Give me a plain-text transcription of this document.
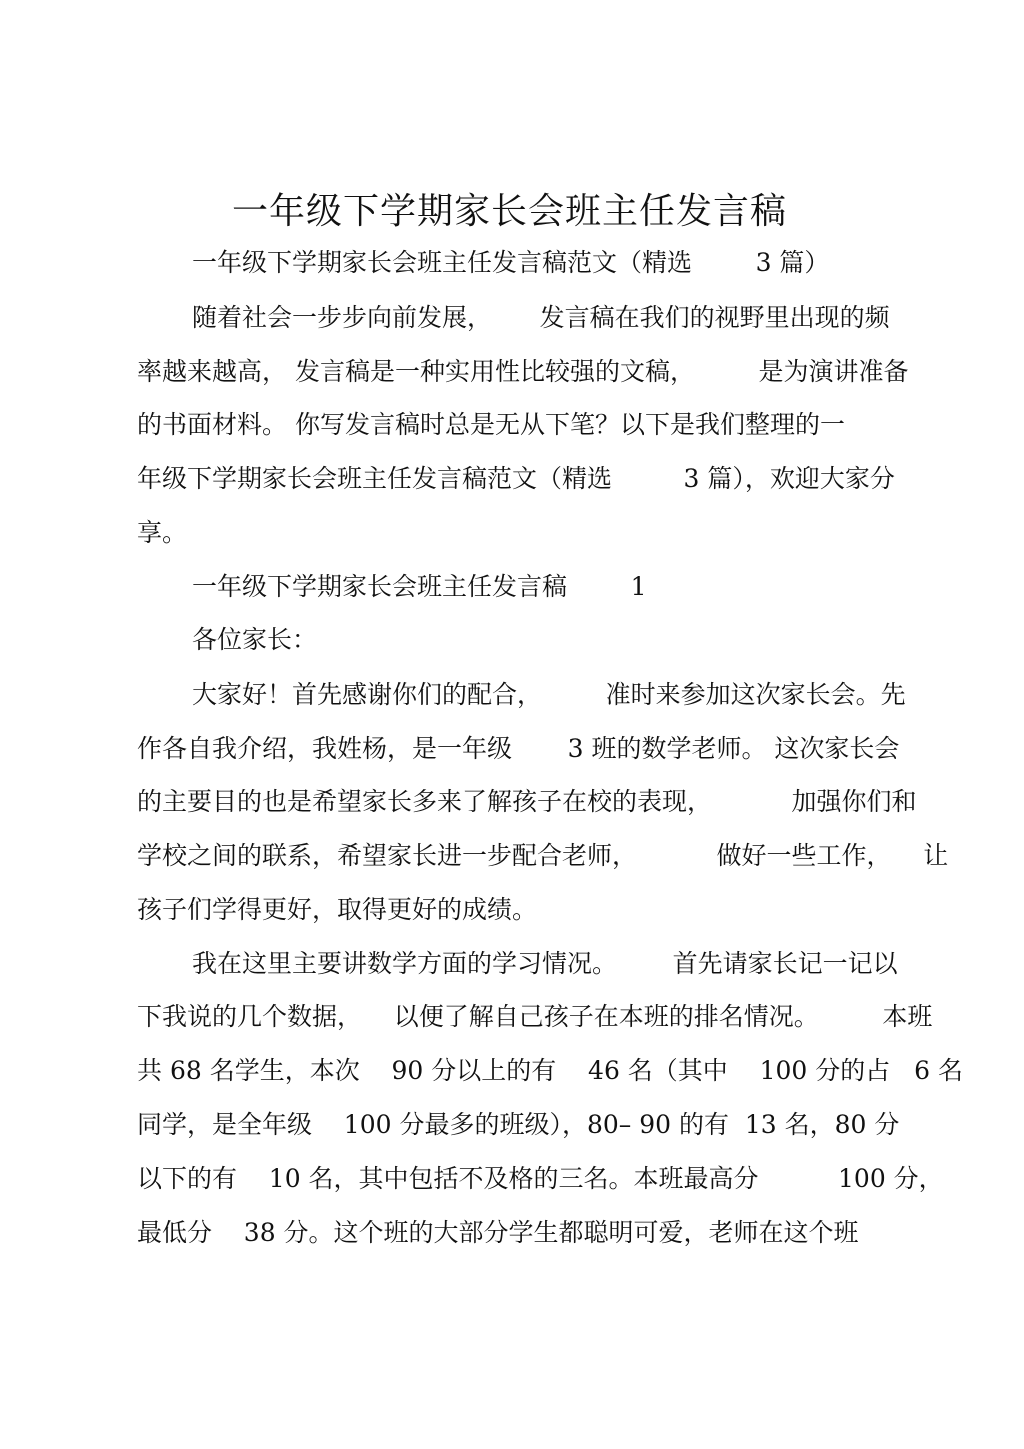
一年级下学期家长会班主任发言稿
一年级下学期家长会班主任发言稿范文（精选        3 篇）
随着社会一步步向前发展，      发言稿在我们的视野里出现的频
率越来越高， 发言稿是一种实用性比较强的文稿，        是为演讲准备
的书面材料。 你写发言稿时总是无从下笔？以下是我们整理的一
年级下学期家长会班主任发言稿范文（精选         3 篇），欢迎大家分
享。
一年级下学期家长会班主任发言稿        1
各位家长：
大家好！首先感谢你们的配合，        准时来参加这次家长会。先
作各自我介绍，我姓杨，是一年级       3 班的数学老师。 这次家长会
的主要目的也是希望家长多来了解孩子在校的表现，          加强你们和
学校之间的联系，希望家长进一步配合老师，          做好一些工作，    让
孩子们学得更好，取得更好的成绩。
我在这里主要讲数学方面的学习情况。       首先请家长记一记以
下我说的几个数据，    以便了解自己孩子在本班的排名情况。        本班
共 68 名学生，本次    90 分以上的有    46 名（其中    100 分的占   6 名
同学，是全年级    100 分最多的班级），80– 90 的有  13 名，80 分
以下的有    10 名，其中包括不及格的三名。本班最高分          100 分，
最低分    38 分。这个班的大部分学生都聪明可爱，老师在这个班
